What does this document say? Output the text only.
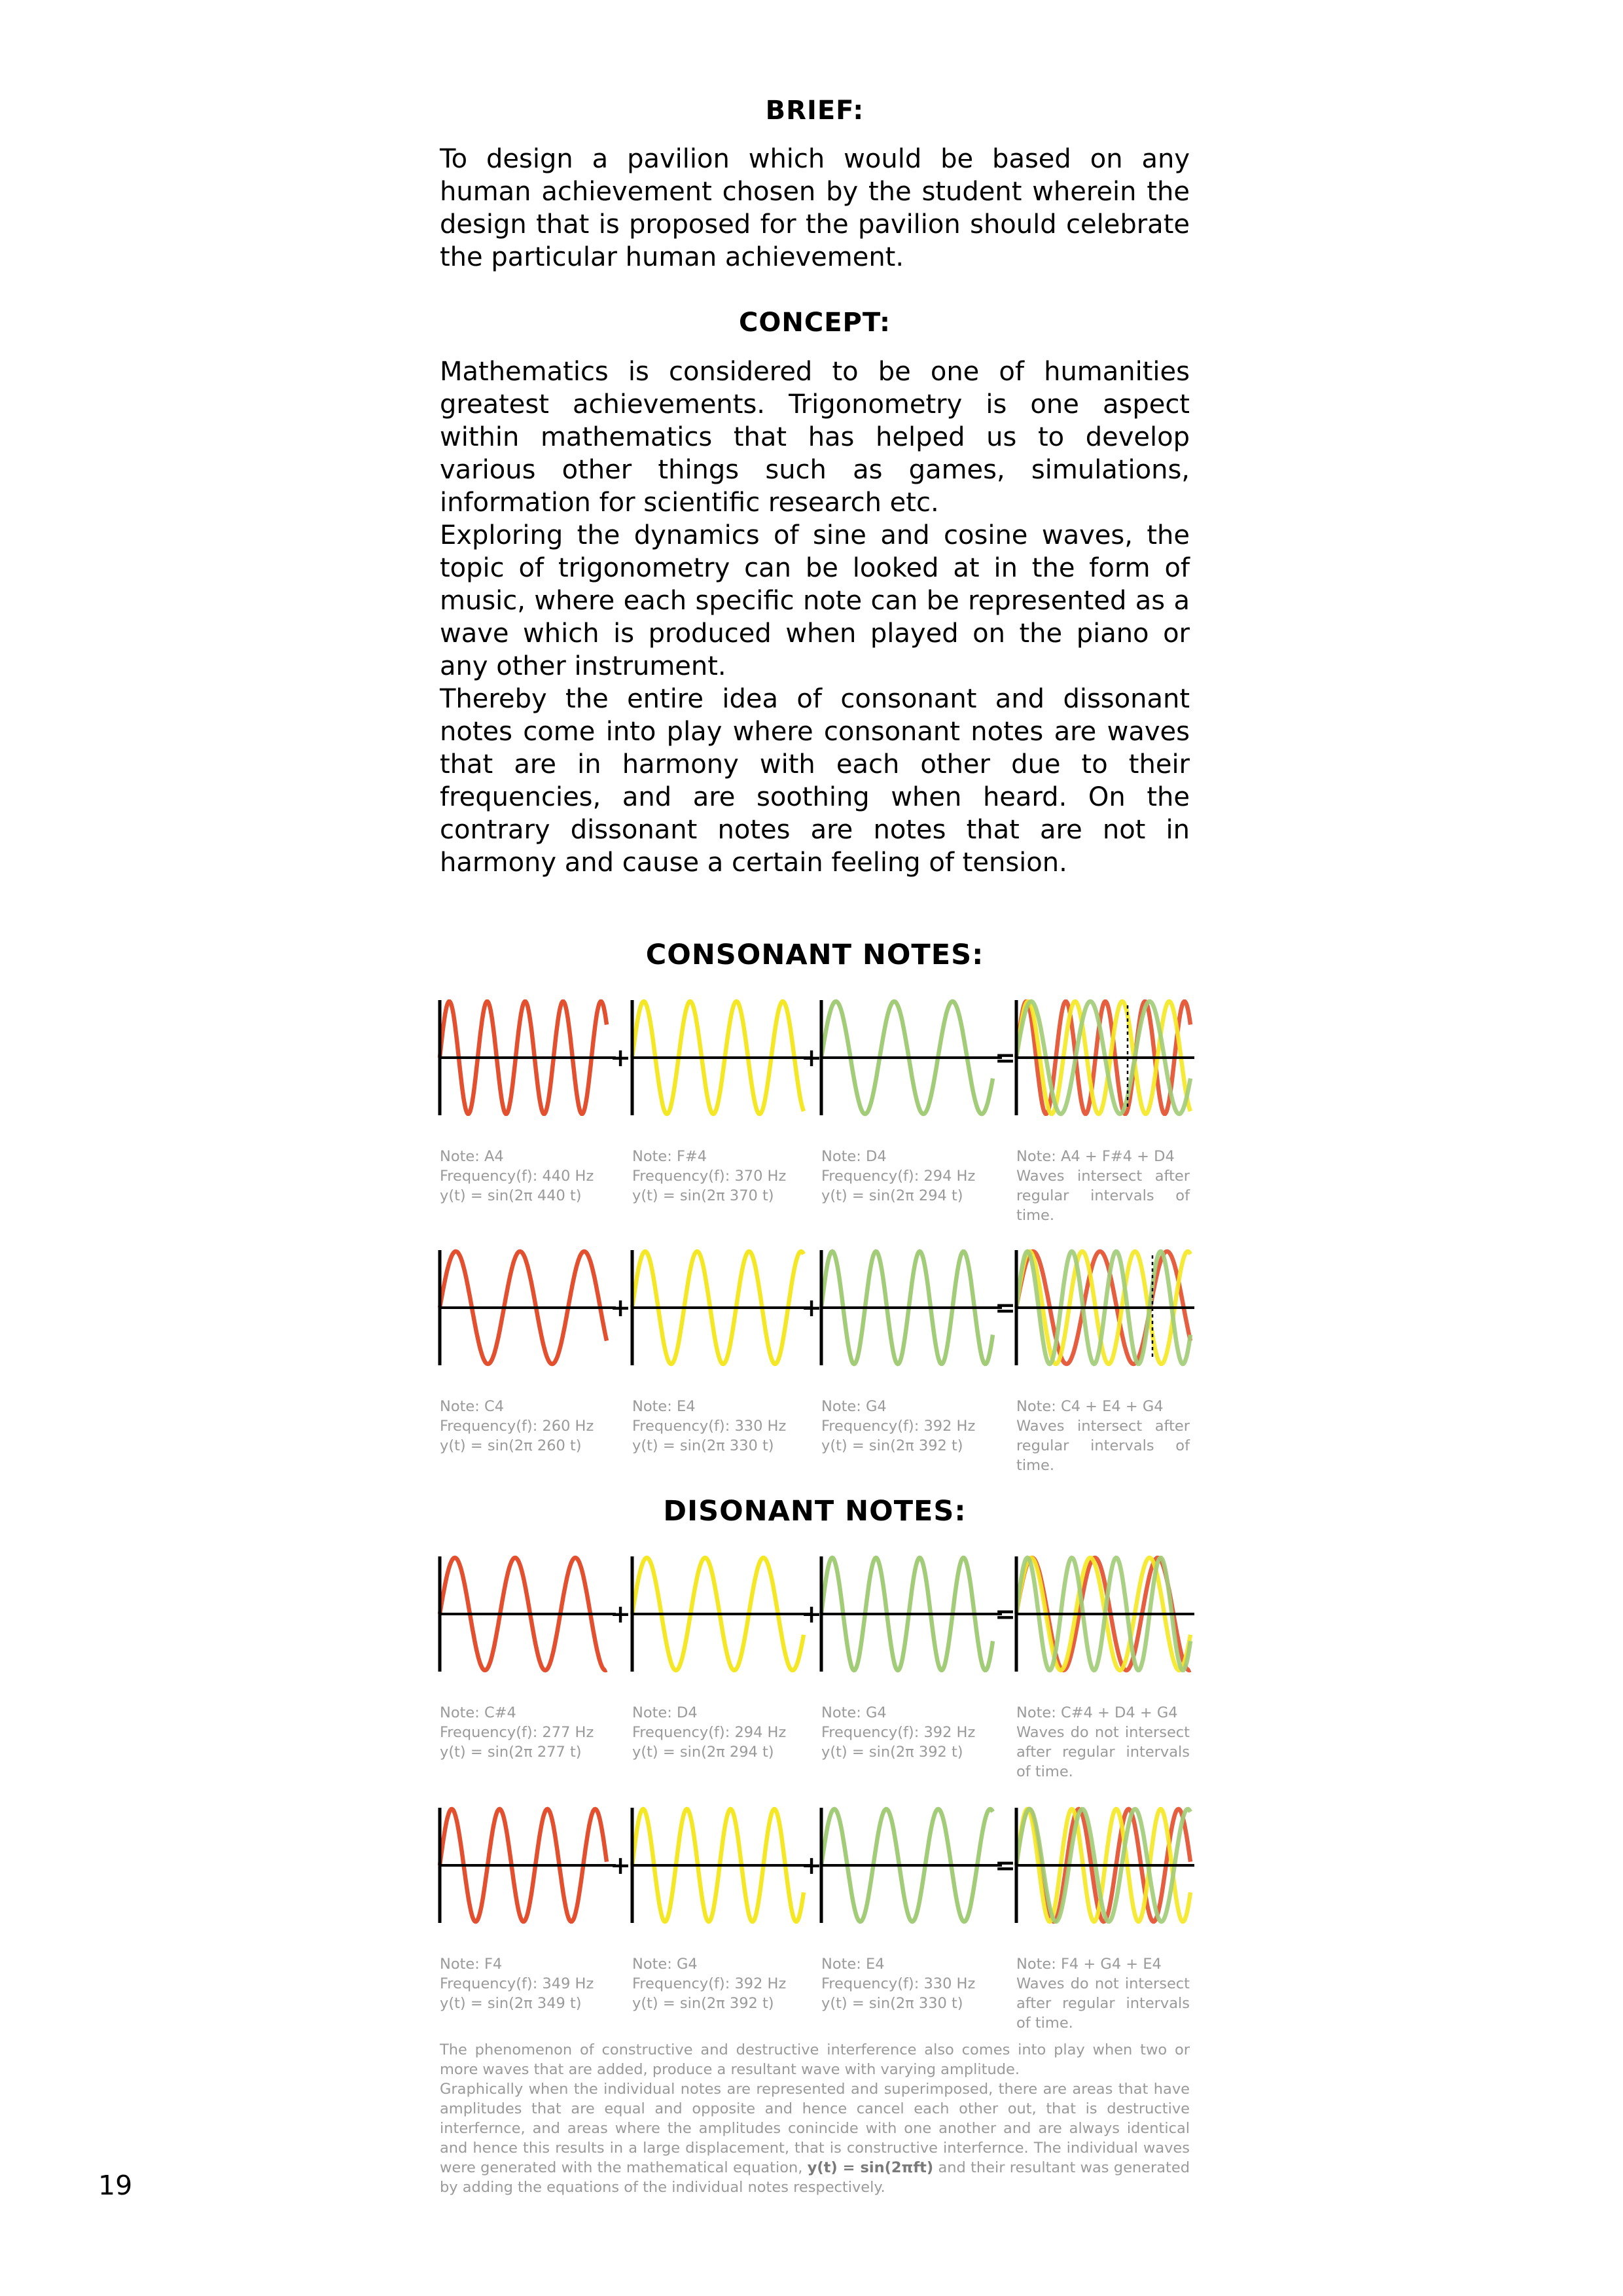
BRIEF:
To design a pavilion which would be based on any human achievement chosen by the student wherein the design that is proposed for the pavilion should celebrate the particular human achievement.
CONCEPT:
Mathematics is considered to be one of humanities greatest achievements. Trigonometry is one aspect within mathematics that has helped us to develop various other things such as games, simulations, information for scientific research etc.
Exploring the dynamics of sine and cosine waves, the topic of trigonometry can be looked at in the form of music, where each specific note can be represented as a wave which is produced when played on the piano or any other instrument.
Thereby the entire idea of consonant and dissonant notes come into play where consonant notes are waves that are in harmony with each other due to their frequencies, and are soothing when heard. On the contrary dissonant notes are notes that are not in harmony and cause a certain feeling of tension.
CONSONANT NOTES:
DISONANT NOTES:
+	+	=
+	+	=
+	+	=
+	+	=
Note: A4
Frequency(f): 440 Hz
y(t) = sin(2π 440 t)
Note: F#4
Frequency(f): 370 Hz
y(t) = sin(2π 370 t)
Note: D4
Frequency(f): 294 Hz
y(t) = sin(2π 294 t)
Note: A4 + F#4 + D4
Waves intersect after regular intervals of time.
Note: C4
Frequency(f): 260 Hz
y(t) = sin(2π 260 t)
Note: E4
Frequency(f): 330 Hz
y(t) = sin(2π 330 t)
Note: G4
Frequency(f): 392 Hz
y(t) = sin(2π 392 t)
Note: C4 + E4 + G4
Waves intersect after regular intervals of time.
Note: C#4
Frequency(f): 277 Hz
y(t) = sin(2π 277 t)
Note: D4
Frequency(f): 294 Hz
y(t) = sin(2π 294 t)
Note: G4
Frequency(f): 392 Hz
y(t) = sin(2π 392 t)
Note: C#4 + D4 + G4
Waves do not intersect after regular intervals of time.
Note: F4
Frequency(f): 349 Hz
y(t) = sin(2π 349 t)
Note: G4
Frequency(f): 392 Hz
y(t) = sin(2π 392 t)
Note: E4
Frequency(f): 330 Hz
y(t) = sin(2π 330 t)
Note: F4 + G4 + E4
Waves do not intersect after regular intervals of time.
The phenomenon of constructive and destructive interference also comes into play when two or more waves that are added, produce a resultant wave with varying amplitude.
Graphically when the individual notes are represented and superimposed, there are areas that have amplitudes that are equal and opposite and hence cancel each other out, that is destructive interfernce, and areas where the amplitudes conincide with one another and are always identical and hence this results in a large displacement, that is constructive interfernce. The individual waves were generated with the mathematical equation, y(t) = sin(2πft) and their resultant was generated by adding the equations of the individual notes respectively.
19
